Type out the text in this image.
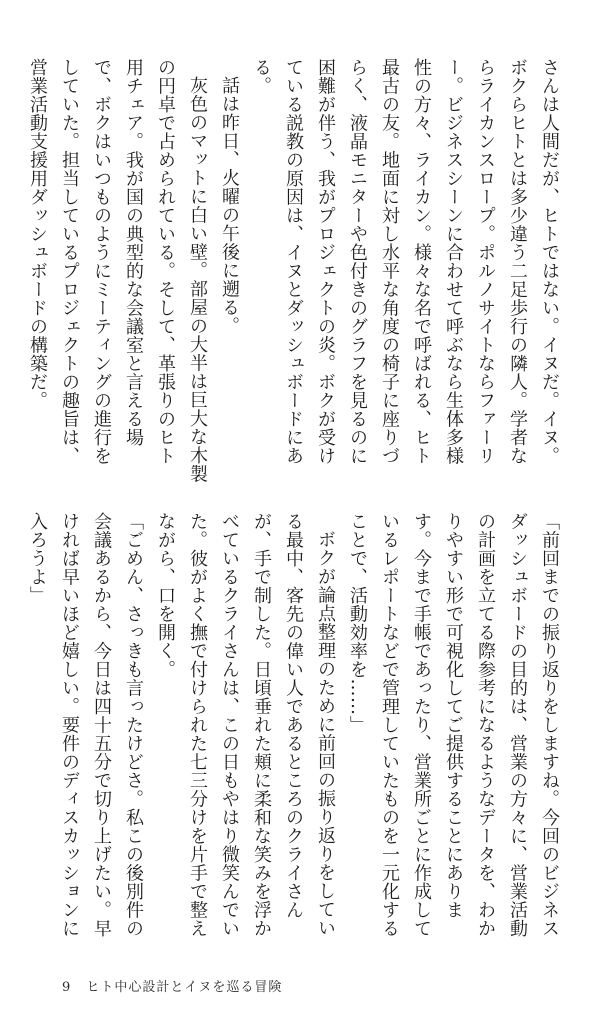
さんは人間だが、ヒトではない。イヌだ。イヌ。ボクらヒトとは多少違う二足歩行の隣人。学者ならライカンスロープ。ポルノサイトならファーリー。ビジネスシーンに合わせて呼ぶなら生体多様性の方々、ライカン。様々な名で呼ばれる、ヒト最古の友。地面に対し水平な角度の椅子に座りづらく、液晶モニターや色付きのグラフを見るのに困難が伴う、我がプロジェクトの炎。ボクが受けている説教の原因は、イヌとダッシュボードにある。

話は昨日、火曜の午後に遡る。

灰色のマットに白い壁。部屋の大半は巨大な木製の円卓で占められている。そして、革張りのヒト用チェア。我が国の典型的な会議室と言える場で、ボクはいつものようにミーティングの進行をしていた。担当しているプロジェクトの趣旨は、営業活動支援用ダッシュボードの構築だ。

「前回までの振り返りをしますね。今回のビジネスダッシュボードの目的は、営業の方々に、営業活動の計画を立てる際参考になるようなデータを、わかりやすい形で可視化してご提供することにあります。今まで手帳であったり、営業所ごとに作成しているレポートなどで管理していたものを一元化することで、活動効率を……」

ボクが論点整理のために前回の振り返りをしている最中、客先の偉い人であるところのクライさんが、手で制した。日頃垂れた頬に柔和な笑みを浮かべているクライさんは、この日もやはり微笑んでいた。彼がよく撫で付けられた七三分けを片手で整えながら、口を開く。

「ごめん、さっきも言ったけどさ。私この後別件の会議あるから、今日は四十五分で切り上げたい。早ければ早いほど嬉しい。要件のディスカッションに入ろうよ」

9 ヒト中心設計とイヌを巡る冒険
